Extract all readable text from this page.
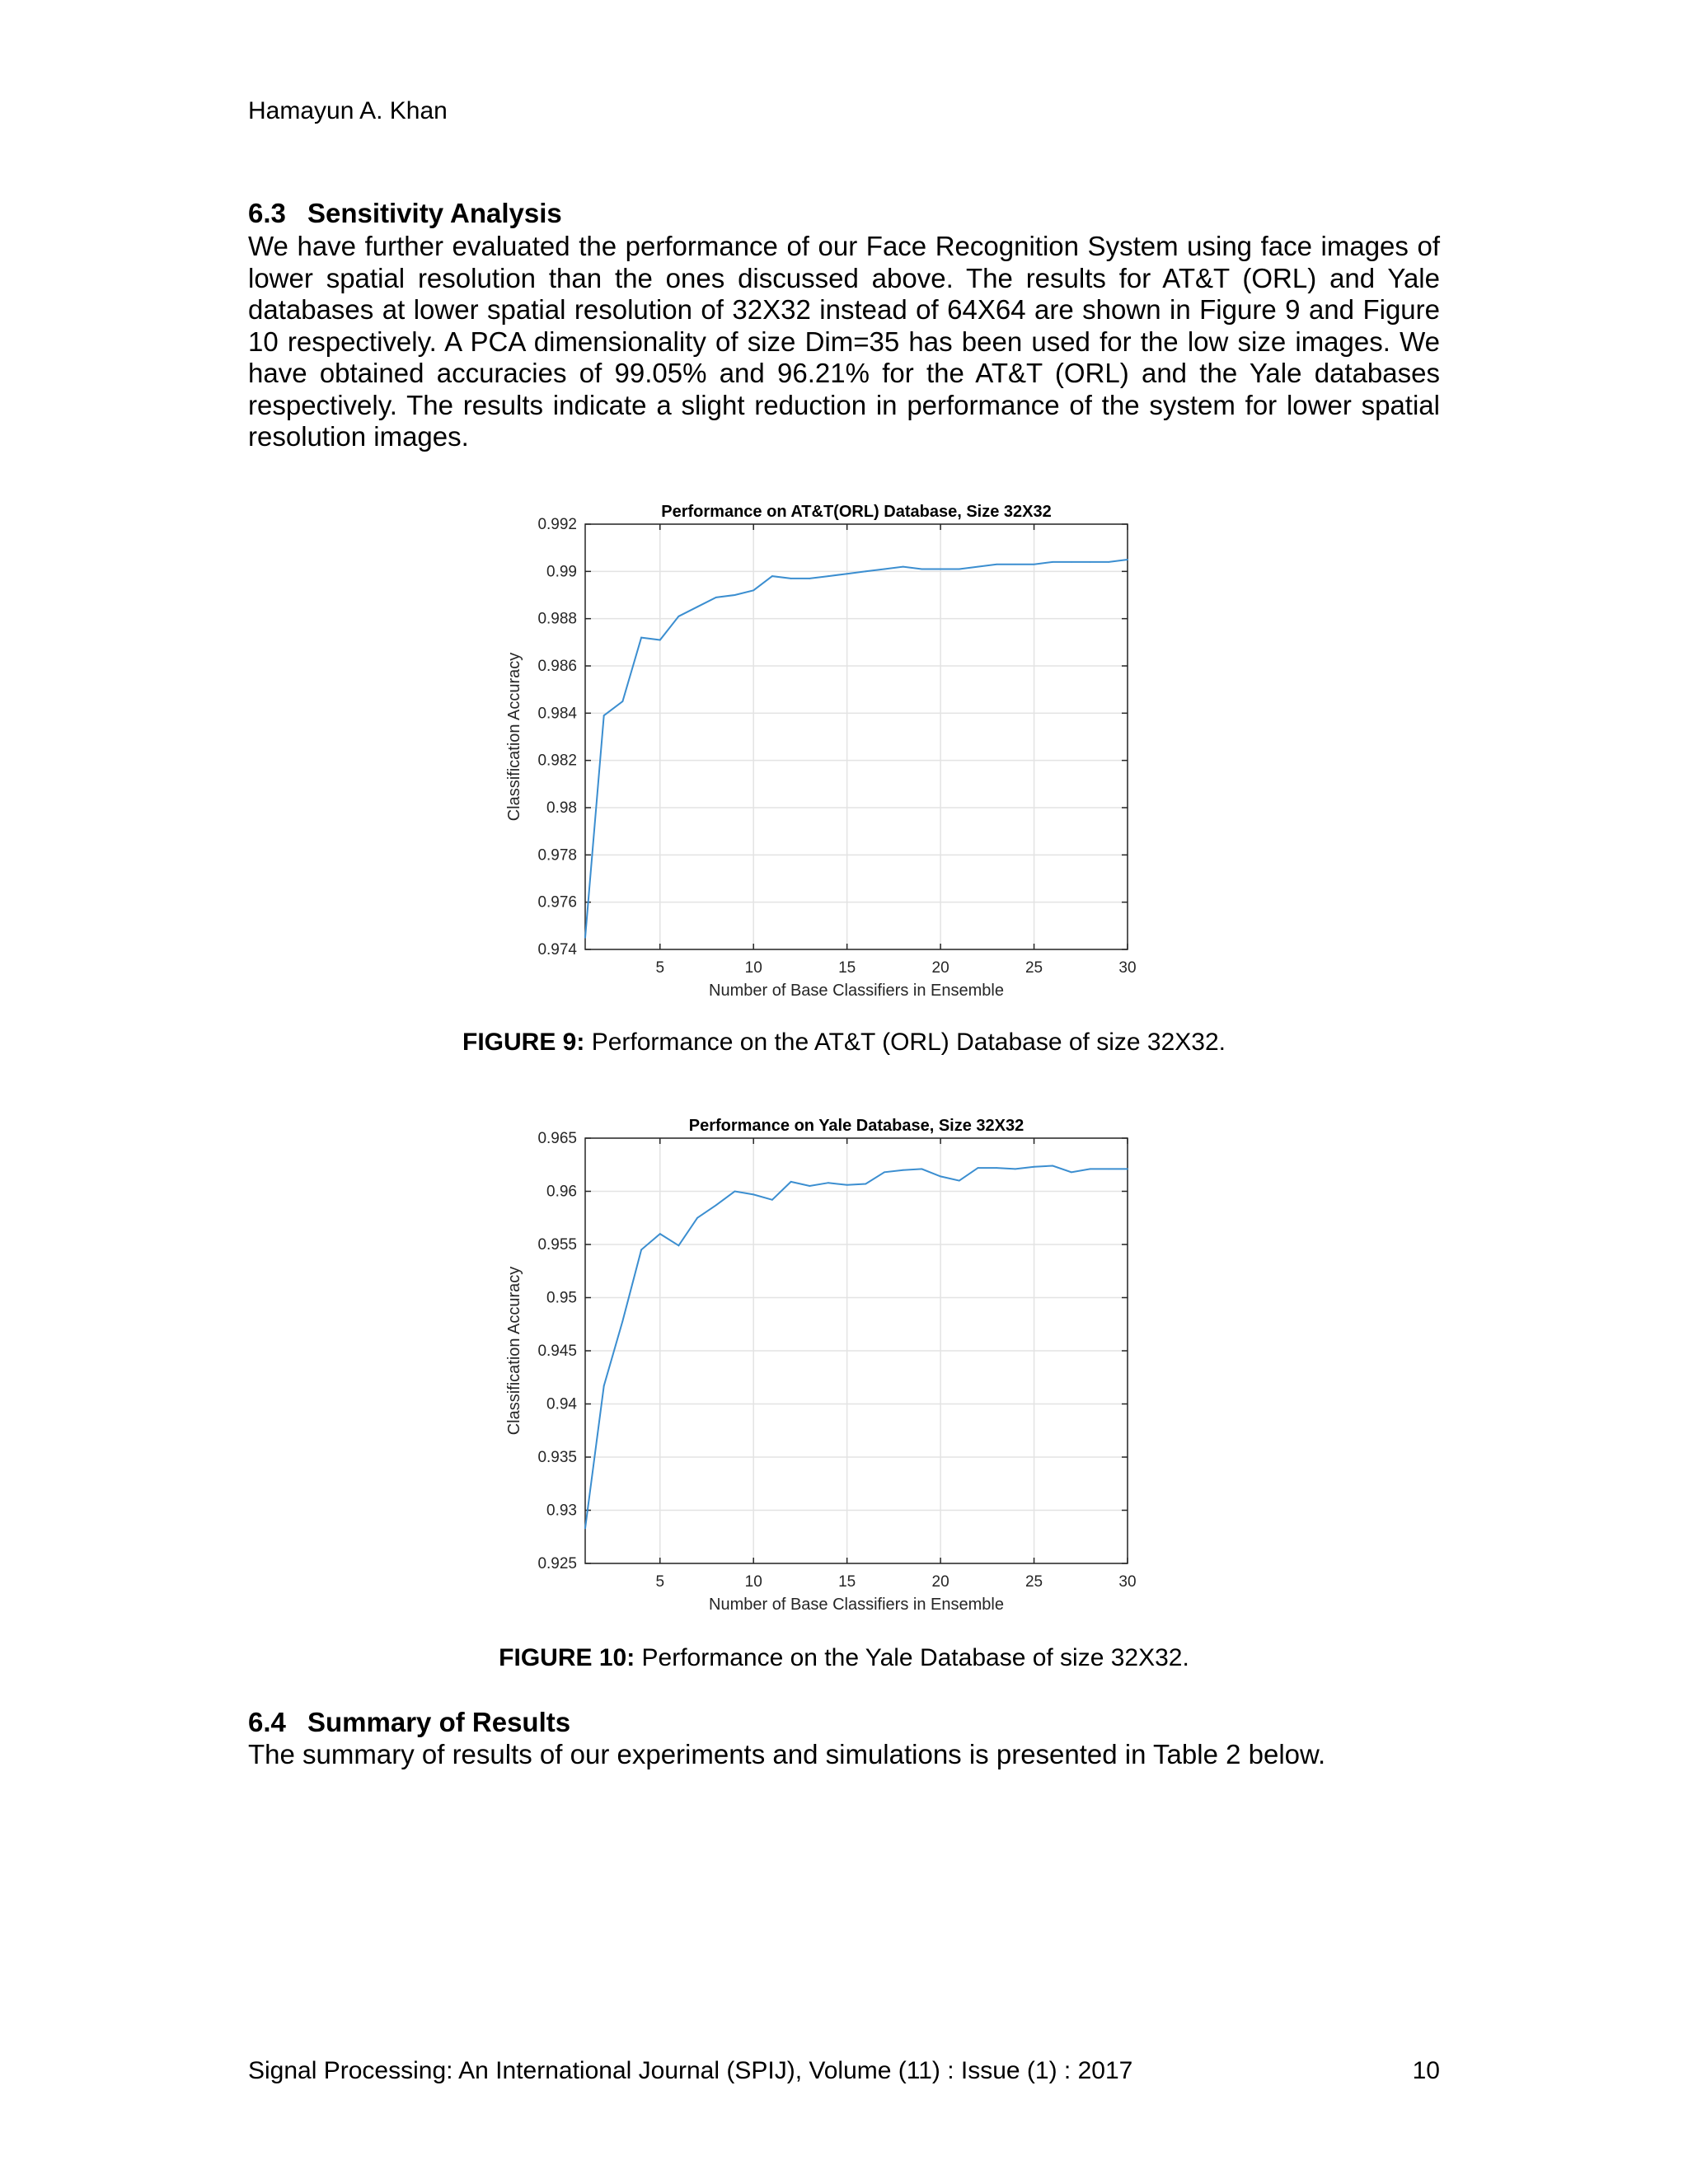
Hamayun A. Khan
6.3 Sensitivity Analysis
We have further evaluated the performance of our Face Recognition System using face images of lower spatial resolution than the ones discussed above. The results for AT&T (ORL) and Yale databases at lower spatial resolution of 32X32 instead of 64X64 are shown in Figure 9 and Figure 10 respectively. A PCA dimensionality of size Dim=35 has been used for the low size images. We have obtained accuracies of 99.05% and 96.21% for the AT&T (ORL) and the Yale databases respectively. The results indicate a slight reduction in performance of the system for lower spatial resolution images.
5	10	15	20	25	30
0.974
0.976
0.978
0.98
0.982
0.984
0.986
0.988
0.99
0.992
Performance on AT&T(ORL) Database, Size 32X32
Number of Base Classifiers in Ensemble
Classification Accuracy
FIGURE 9: Performance on the AT&T (ORL) Database of size 32X32.
5	10	15	20	25	30
0.925
0.93
0.935
0.94
0.945
0.95
0.955
0.96
0.965
Performance on Yale Database, Size 32X32
Number of Base Classifiers in Ensemble
Classification Accuracy
FIGURE 10: Performance on the Yale Database of size 32X32.
6.4 Summary of Results
The summary of results of our experiments and simulations is presented in Table 2 below.
Signal Processing: An International Journal (SPIJ), Volume (11) : Issue (1) : 2017	10
